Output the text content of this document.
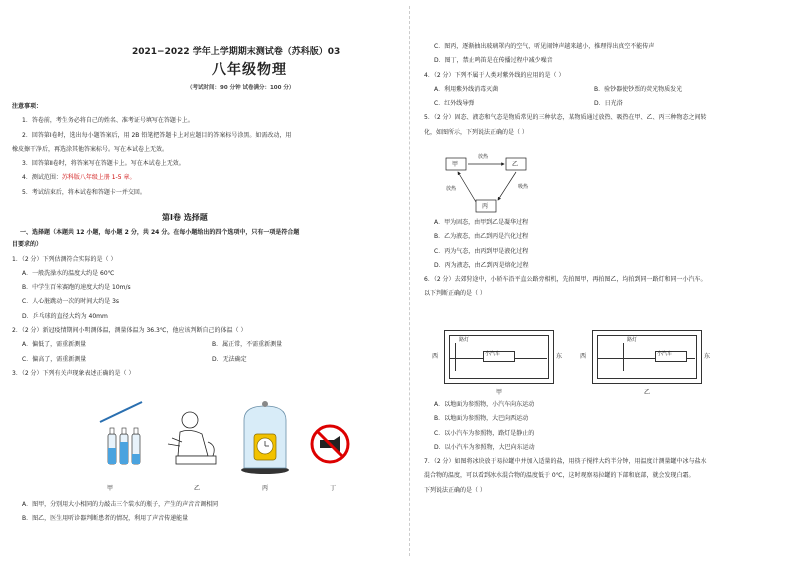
2021−2022 学年上学期期末测试卷（苏科版）03
八年级物理
（考试时间：90 分钟 试卷满分：100 分）

注意事项：

1．答卷前，考生务必将自己的姓名、准考证号填写在答题卡上。

2．回答第Ⅰ卷时，选出每小题答案后，用 2B 铅笔把答题卡上对应题目的答案标号涂黑。如需改动，用

橡皮擦干净后，再选涂其他答案标号。写在本试卷上无效。

3．回答第Ⅱ卷时，将答案写在答题卡上。写在本试卷上无效。

4．测试范围：苏科版八年级上册 1-5 章。

5．考试结束后，将本试卷和答题卡一并交回。

第Ⅰ卷 选择题

一、选择题（本题共 12 小题，每小题 2 分，共 24 分。在每小题给出的四个选项中，只有一项是符合题

目要求的）

1．（2 分）下列估测符合实际的是（ ）

A．一般洗澡水的温度大约是 60℃

B．中学生百米赛跑的速度大约是 10m/s

C．人心脏跳动一次的时间大约是 3s

D．乒乓球的直径大约为 40mm

2．（2 分）新冠疫情期间小明测体温，测量体温为 36.3℃，他应该判断自己的体温（ ）

A．偏低了，需重新测量	B．属正常，不需重新测量

C．偏高了，需重新测量	D．无法确定

3．（2 分）下列有关声现象表述正确的是（ ）

甲	乙	丙	丁

A．图甲，分别用大小相同的力敲击三个装水的瓶子，产生的声音音调相同

B．图乙，医生用听诊器判断患者的情况，利用了声音传递能量

C．图丙，逐渐抽出玻璃罩内的空气，听见闹钟声越来越小，推理得出真空不能传声

D．图丁，禁止鸣笛是在传播过程中减少噪音

4．（2 分）下列不属于人类对紫外线的应用的是（ ）

A．利用紫外线消毒灭菌	B．验钞器使钞票的荧光物质发光

C．红外线导弹	D．日光浴

5．（2 分）固态、液态和气态是物质常见的三种状态，某物质通过放热、吸热在甲、乙、丙三种物态之间转

化，如图所示，下列说法正确的是（ ）

甲	乙
丙
放热
吸热
放热

A．甲为固态，由甲到乙是凝华过程

B．乙为液态，由乙到丙是汽化过程

C．丙为气态，由丙到甲是液化过程

D．丙为液态，由乙到丙是熔化过程

6．（2 分）去郊狩途中，小轿车沿平直公路旁相机，先拍图甲，再拍图乙，均拍到同一路灯和同一小汽车。

以下判断正确的是（ ）

西
路灯
小汽车	东	西
路灯
小汽车	东
甲	乙

A．以地面为参照物，小汽车向东运动

B．以地面为参照物，大巴向西运动

C．以小汽车为参照物，路灯是静止的

D．以小汽车为参照物，大巴向东运动

7．（2 分）如图将冰块放于易拉罐中并加入适量的盐，用筷子搅拌大约半分钟，用温度计测量罐中冰与盐水

混合物的温度，可以看到冰水混合物的温度低于 0℃，这时观察易拉罐的下部和底部，就会发现白霜。

下列说法正确的是（ ）
